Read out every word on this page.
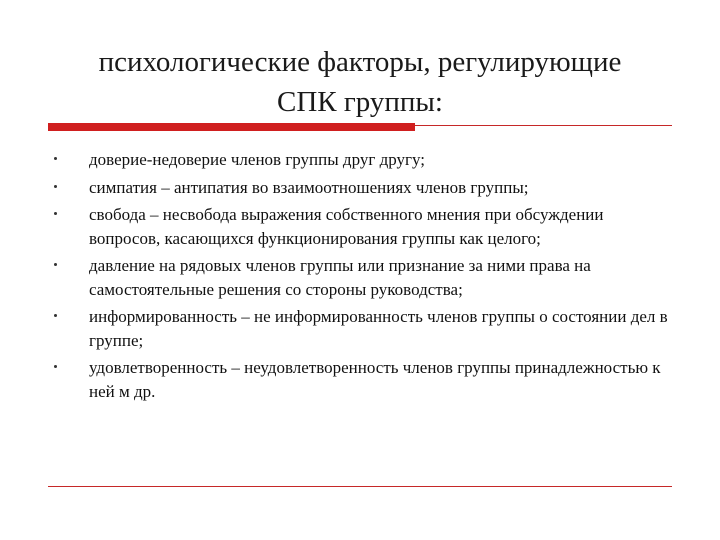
психологические факторы, регулирующие
СПК группы:
доверие-недоверие членов группы друг другу;
симпатия – антипатия во взаимоотношениях членов группы;
свобода – несвобода выражения собственного мнения при обсуждении вопросов, касающихся функционирования группы как целого;
давление на рядовых членов группы или признание за ними права на самостоятельные решения со стороны руководства;
информированность – не информированность членов группы о состоянии дел в группе;
удовлетворенность – неудовлетворенность членов группы принадлежностью к ней м др.
